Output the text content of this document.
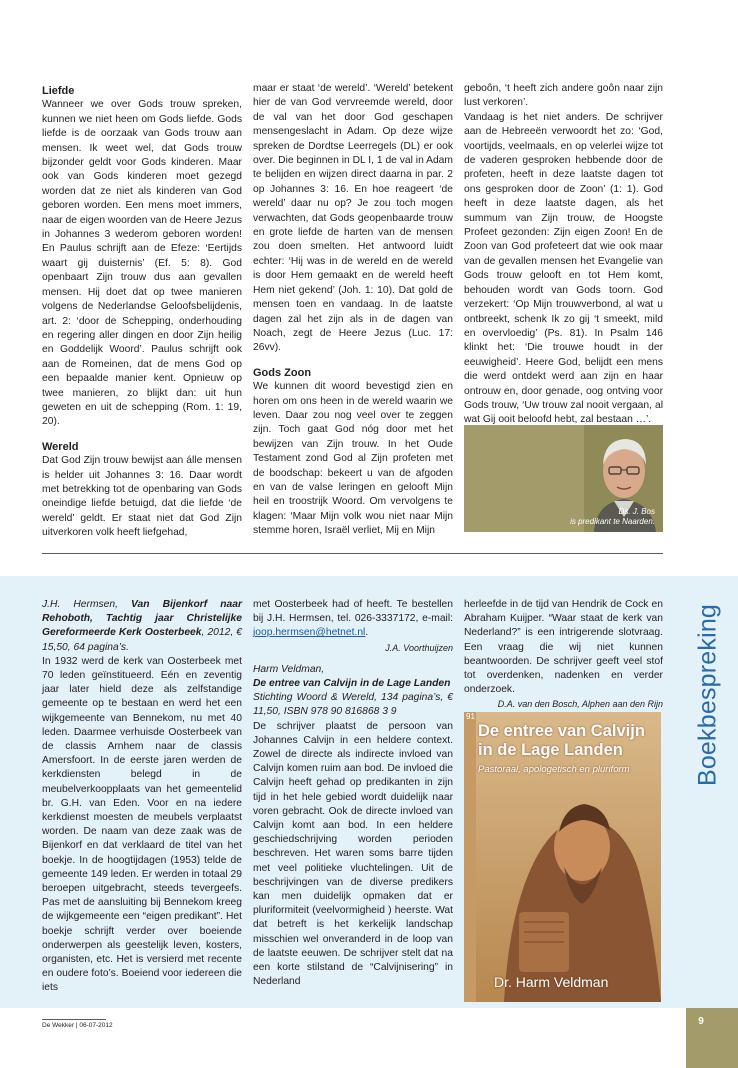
Liefde

Wanneer we over Gods trouw spreken, kunnen we niet heen om Gods liefde. Gods liefde is de oorzaak van Gods trouw aan mensen. Ik weet wel, dat Gods trouw bijzonder geldt voor Gods kinderen. Maar ook van Gods kinderen moet gezegd worden dat ze niet als kinderen van God geboren worden. Een mens moet immers, naar de eigen woorden van de Heere Jezus in Johannes 3 wederom geboren worden! En Paulus schrijft aan de Efeze: ‘Eertijds waart gij duisternis’ (Ef. 5: 8). God openbaart Zijn trouw dus aan gevallen mensen. Hij doet dat op twee manieren volgens de Nederlandse Geloofsbelijdenis, art. 2: ‘door de Schepping, onderhouding en regering aller dingen en door Zijn heilig en Goddelijk Woord’. Paulus schrijft ook aan de Romeinen, dat de mens God op een bepaalde manier kent. Opnieuw op twee manieren, zo blijkt dan: uit hun geweten en uit de schepping (Rom. 1: 19, 20).

Wereld

Dat God Zijn trouw bewijst aan álle mensen is helder uit Johannes 3: 16. Daar wordt met betrekking tot de openbaring van Gods oneindige liefde betuigd, dat die liefde ‘de wereld’ geldt. Er staat niet dat God Zijn uitverkoren volk heeft liefgehad,

maar er staat ‘de wereld’. ‘Wereld’ betekent hier de van God vervreemde wereld, door de val van het door God geschapen mensengeslacht in Adam. Op deze wijze spreken de Dordtse Leerregels (DL) er ook over. Die beginnen in DL I, 1 de val in Adam te belijden en wijzen direct daarna in par. 2 op Johannes 3: 16. En hoe reageert ‘de wereld’ daar nu op? Je zou toch mogen verwachten, dat Gods geopenbaarde trouw en grote liefde de harten van de mensen zou doen smelten. Het antwoord luidt echter: ‘Hij was in de wereld en de wereld is door Hem gemaakt en de wereld heeft Hem niet gekend’ (Joh. 1: 10). Dat gold de mensen toen en vandaag. In de laatste dagen zal het zijn als in de dagen van Noach, zegt de Heere Jezus (Luc. 17: 26vv).

Gods Zoon

We kunnen dit woord bevestigd zien en horen om ons heen in de wereld waarin we leven. Daar zou nog veel over te zeggen zijn. Toch gaat God nóg door met het bewijzen van Zijn trouw. In het Oude Testament zond God al Zijn profeten met de boodschap: bekeert u van de afgoden en van de valse leringen en gelooft Mijn heil en troostrijk Woord. Om vervolgens te klagen: ‘Maar Mijn volk wou niet naar Mijn stemme horen, Israël verliet, Mij en Mijn

geboôn, ‘t heeft zich andere goôn naar zijn lust verkoren’.

Vandaag is het niet anders. De schrijver aan de Hebreeën verwoordt het zo: ‘God, voortijds, veelmaals, en op velerlei wijze tot de vaderen gesproken hebbende door de profeten, heeft in deze laatste dagen tot ons gesproken door de Zoon’ (1: 1). God heeft in deze laatste dagen, als het summum van Zijn trouw, de Hoogste Profeet gezonden: Zijn eigen Zoon! En de Zoon van God profeteert dat wie ook maar van de gevallen mensen het Evangelie van Gods trouw gelooft en tot Hem komt, behouden wordt van Gods toorn. God verzekert: ‘Op Mijn trouwverbond, al wat u ontbreekt, schenk Ik zo gij ‘t smeekt, mild en overvloedig’ (Ps. 81). In Psalm 146 klinkt het: ‘Die trouwe houdt in der eeuwigheid’. Heere God, belijdt een mens die werd ontdekt werd aan zijn en haar ontrouw en, door genade, oog ontving voor Gods trouw, ‘Uw trouw zal nooit vergaan, al wat Gij ooit beloofd hebt, zal bestaan …’.

Ds. J. Bos
is predikant te Naarden.

J.H. Hermsen, Van Bijenkorf naar Rehoboth, Tachtig jaar Christelijke Gereformeerde Kerk Oosterbeek, 2012, € 15,50, 64 pagina’s.

In 1932 werd de kerk van Oosterbeek met 70 leden geïnstitueerd. Eén en zeventig jaar later hield deze als zelfstandige gemeente op te bestaan en werd het een wijkgemeente van Bennekom, nu met 40 leden. Daarmee verhuisde Oosterbeek van de classis Arnhem naar de classis Amersfoort. In de eerste jaren werden de kerkdiensten belegd in de meubelverkoopplaats van het gemeentelid br. G.H. van Eden. Voor en na iedere kerkdienst moesten de meubels verplaatst worden. De naam van deze zaak was de Bijenkorf en dat verklaard de titel van het boekje. In de hoogtijdagen (1953) telde de gemeente 149 leden. Er werden in totaal 29 beroepen uitgebracht, steeds tevergeefs. Pas met de aansluiting bij Bennekom kreeg de wijkgemeente een “eigen predikant”. Het boekje schrijft verder over boeiende onderwerpen als geestelijk leven, kosters, organisten, etc. Het is versierd met recente en oudere foto’s. Boeiend voor iedereen die iets

met Oosterbeek had of heeft. Te bestellen bij J.H. Hermsen, tel. 026-3337172, e-mail: joop.hermsen@hetnet.nl.

J.A. Voorthuijzen

Harm Veldman,

De entree van Calvijn in de Lage Landen

Stichting Woord & Wereld, 134 pagina’s, € 11,50, ISBN 978 90 816868 3 9

De schrijver plaatst de persoon van Johannes Calvijn in een heldere context. Zowel de directe als indirecte invloed van Calvijn komen ruim aan bod. De invloed die Calvijn heeft gehad op predikanten in zijn tijd in het hele gebied wordt duidelijk naar voren gebracht. Ook de directe invloed van Calvijn komt aan bod. In een heldere geschiedschrijving worden perioden beschreven. Het waren soms barre tijden met veel politieke vluchtelingen. Uit de beschrijvingen van de diverse predikers kan men duidelijk opmaken dat er pluriformiteit (veelvormigheid ) heerste. Wat dat betreft is het kerkelijk landschap misschien wel onveranderd in de loop van de laatste eeuwen. De schrijver stelt dat na een korte stilstand de “Calvijnisering” in Nederland

herleefde in de tijd van Hendrik de Cock en Abraham Kuijper. “Waar staat de kerk van Nederland?” is een intrigerende slotvraag. Een vraag die wij niet kunnen beantwoorden. De schrijver geeft veel stof tot overdenken, nadenken en verder onderzoek.

D.A. van den Bosch, Alphen aan den Rijn

91
De entree van Calvijn in de Lage Landen
Pastoraal, apologetisch en pluriform
Dr. Harm Veldman
Boekbespreking
De Wekker | 06-07-2012	9
